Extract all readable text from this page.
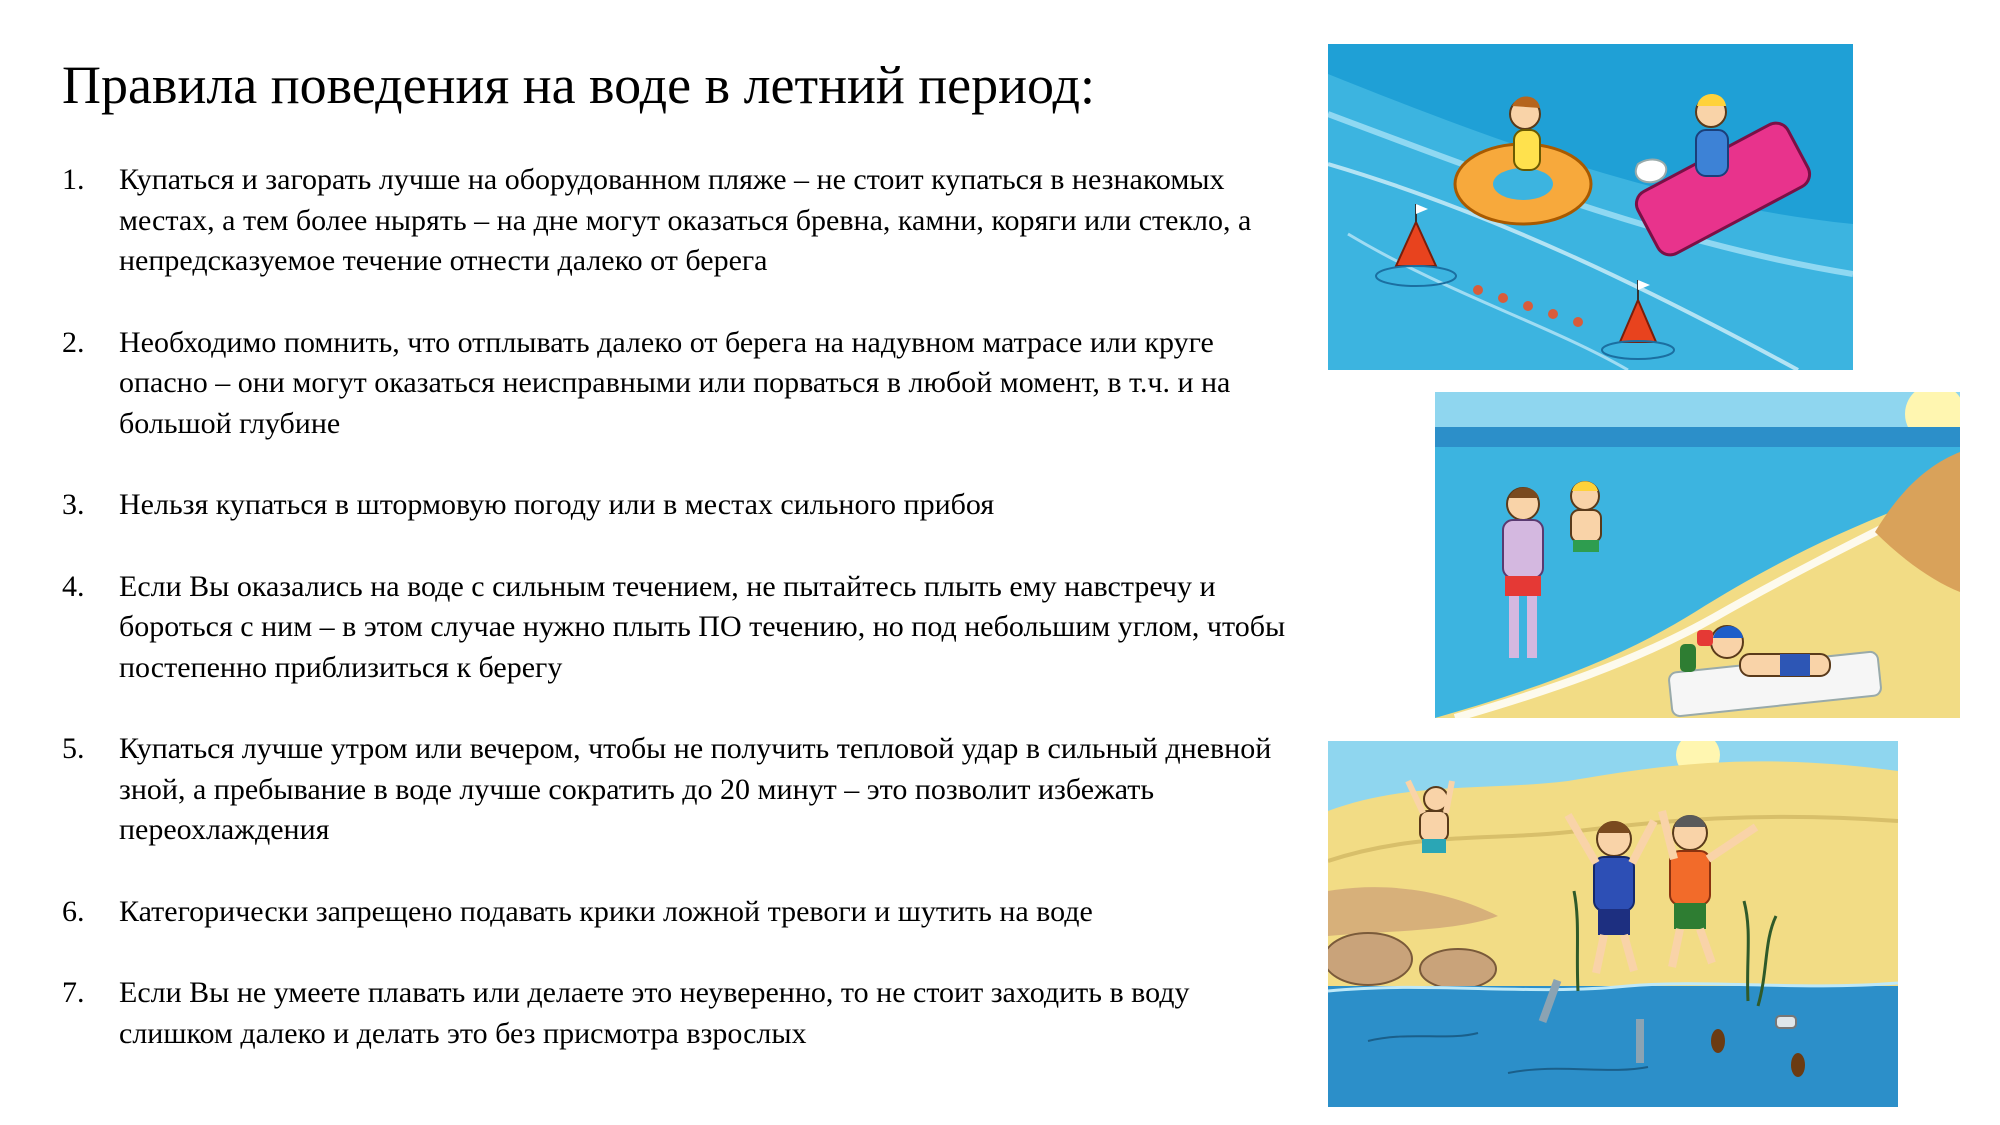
Правила поведения на воде в летний период:
1.	Купаться и загорать лучше на оборудованном пляже – не стоит купаться в незнакомых местах, а тем более нырять – на дне могут оказаться бревна, камни, коряги или стекло, а непредсказуемое течение отнести далеко от берега
2.	Необходимо помнить, что отплывать далеко от берега на надувном матрасе или круге опасно – они могут оказаться неисправными или порваться в любой момент, в т.ч. и на большой глубине
3.	Нельзя купаться в штормовую погоду или в местах сильного прибоя
4.	Если Вы оказались на воде с сильным течением, не пытайтесь плыть ему навстречу и бороться с ним – в этом случае нужно плыть ПО течению, но под небольшим углом, чтобы постепенно приблизиться к берегу
5.	Купаться лучше утром или вечером, чтобы не получить тепловой удар в сильный дневной зной, а пребывание в воде лучше сократить до 20 минут – это позволит избежать переохлаждения
6.	Категорически запрещено подавать крики ложной тревоги и шутить на воде
7.	Если Вы не умеете плавать или делаете это неуверенно, то не стоит заходить в воду слишком далеко и делать это без присмотра взрослых
